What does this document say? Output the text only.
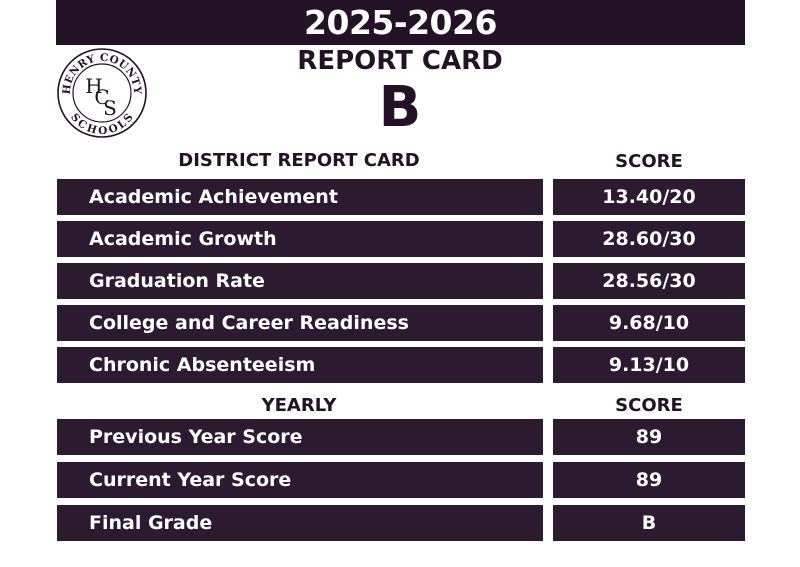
2025-2026
REPORT CARD
B
HENRY COUNTY
SCHOOLS
H
C
S
DISTRICT REPORT CARD	SCORE
Academic Achievement	13.40/20
Academic Growth	28.60/30
Graduation Rate	28.56/30
College and Career Readiness	9.68/10
Chronic Absenteeism	9.13/10
YEARLY	SCORE
Previous Year Score	89
Current Year Score	89
Final Grade	B
